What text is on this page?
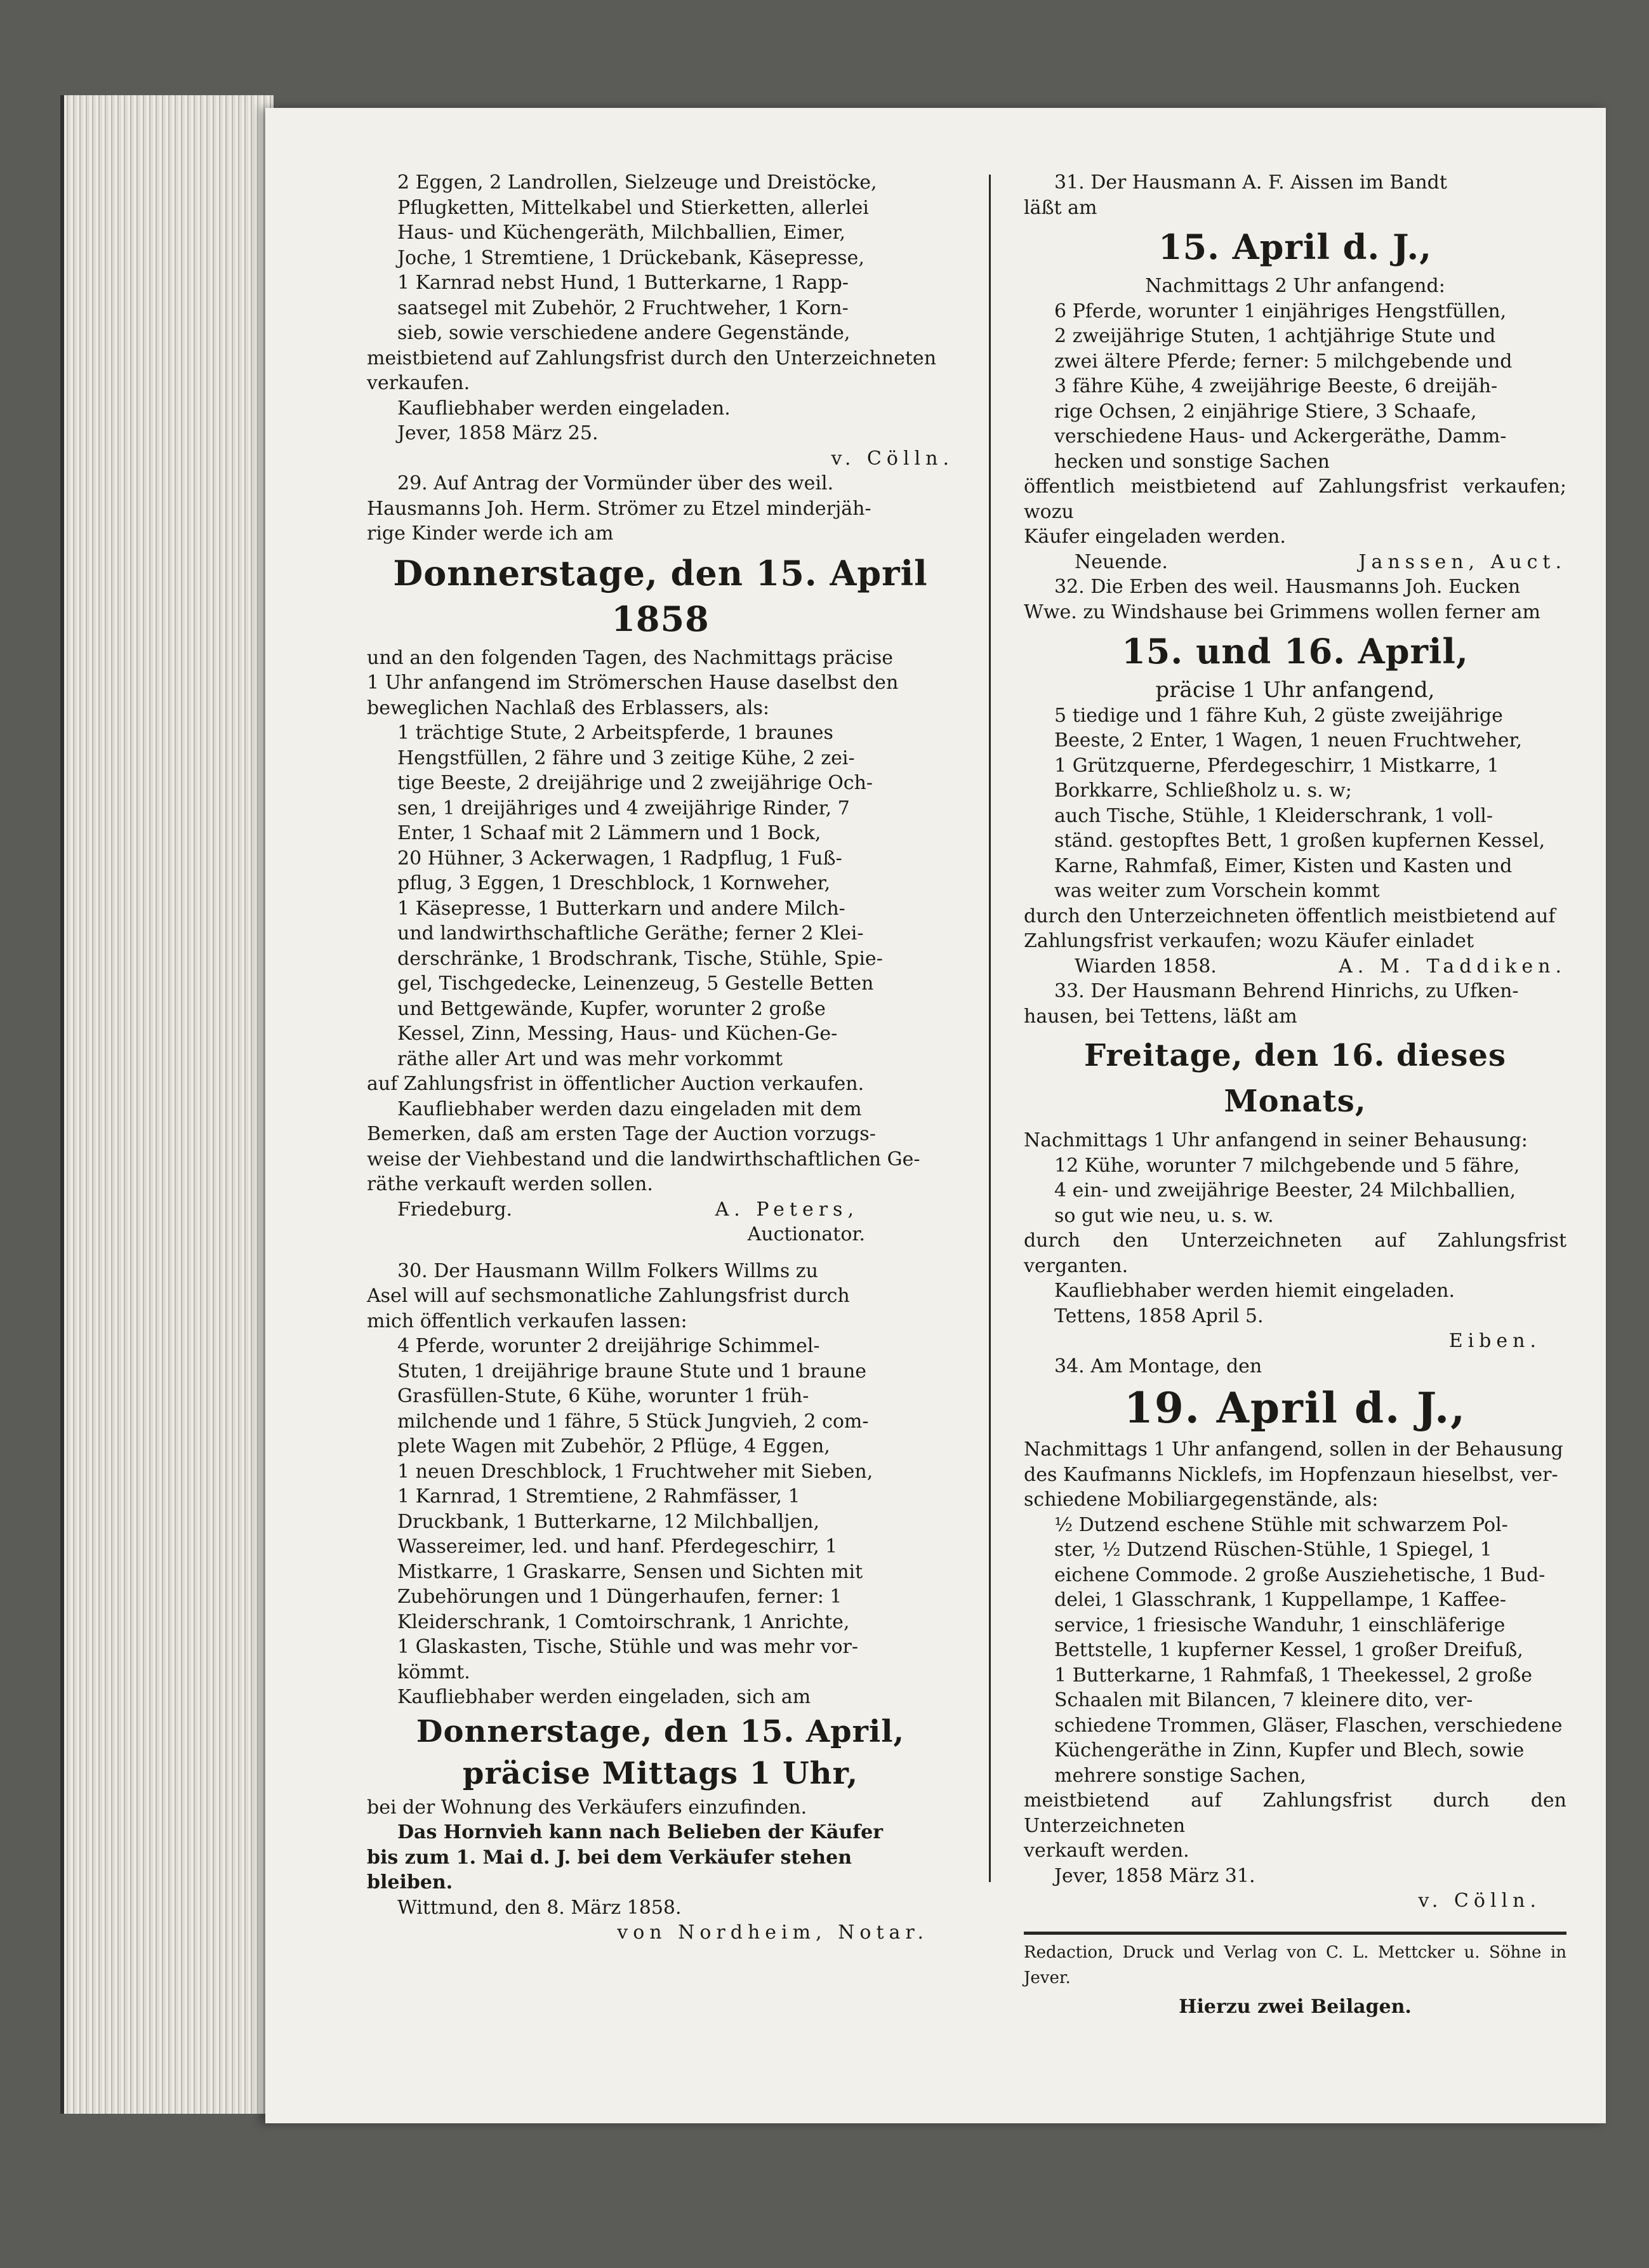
2 Eggen, 2 Landrollen, Sielzeuge und Dreistöcke,

Pflugketten, Mittelkabel und Stierketten, allerlei

Haus- und Küchengeräth, Milchballien, Eimer,

Joche, 1 Stremtiene, 1 Drückebank, Käsepresse,

1 Karnrad nebst Hund, 1 Butterkarne, 1 Rapp-

saatsegel mit Zubehör, 2 Fruchtweher, 1 Korn-

sieb, sowie verschiedene andere Gegenstände,

meistbietend auf Zahlungsfrist durch den Unterzeichneten

verkaufen.

Kaufliebhaber werden eingeladen.

Jever, 1858 März 25.

v. Cölln.

29. Auf Antrag der Vormünder über des weil.

Hausmanns Joh. Herm. Strömer zu Etzel minderjäh-

rige Kinder werde ich am

Donnerstage, den 15. April 1858

und an den folgenden Tagen, des Nachmittags präcise

1 Uhr anfangend im Strömerschen Hause daselbst den

beweglichen Nachlaß des Erblassers, als:

1 trächtige Stute, 2 Arbeitspferde, 1 braunes

Hengstfüllen, 2 fähre und 3 zeitige Kühe, 2 zei-

tige Beeste, 2 dreijährige und 2 zweijährige Och-

sen, 1 dreijähriges und 4 zweijährige Rinder, 7

Enter, 1 Schaaf mit 2 Lämmern und 1 Bock,

20 Hühner, 3 Ackerwagen, 1 Radpflug, 1 Fuß-

pflug, 3 Eggen, 1 Dreschblock, 1 Kornweher,

1 Käsepresse, 1 Butterkarn und andere Milch-

und landwirthschaftliche Geräthe; ferner 2 Klei-

derschränke, 1 Brodschrank, Tische, Stühle, Spie-

gel, Tischgedecke, Leinenzeug, 5 Gestelle Betten

und Bettgewände, Kupfer, worunter 2 große

Kessel, Zinn, Messing, Haus- und Küchen-Ge-

räthe aller Art und was mehr vorkommt

auf Zahlungsfrist in öffentlicher Auction verkaufen.

Kaufliebhaber werden dazu eingeladen mit dem

Bemerken, daß am ersten Tage der Auction vorzugs-

weise der Viehbestand und die landwirthschaftlichen Ge-

räthe verkauft werden sollen.

Friedeburg.	A. Peters,

Auctionator.

30. Der Hausmann Willm Folkers Willms zu

Asel will auf sechsmonatliche Zahlungsfrist durch

mich öffentlich verkaufen lassen:

4 Pferde, worunter 2 dreijährige Schimmel-

Stuten, 1 dreijährige braune Stute und 1 braune

Grasfüllen-Stute, 6 Kühe, worunter 1 früh-

milchende und 1 fähre, 5 Stück Jungvieh, 2 com-

plete Wagen mit Zubehör, 2 Pflüge, 4 Eggen,

1 neuen Dreschblock, 1 Fruchtweher mit Sieben,

1 Karnrad, 1 Stremtiene, 2 Rahmfässer, 1

Druckbank, 1 Butterkarne, 12 Milchballjen,

Wassereimer, led. und hanf. Pferdegeschirr, 1

Mistkarre, 1 Graskarre, Sensen und Sichten mit

Zubehörungen und 1 Düngerhaufen, ferner: 1

Kleiderschrank, 1 Comtoirschrank, 1 Anrichte,

1 Glaskasten, Tische, Stühle und was mehr vor-

kömmt.

Kaufliebhaber werden eingeladen, sich am

Donnerstage, den 15. April,

präcise Mittags 1 Uhr,

bei der Wohnung des Verkäufers einzufinden.

Das Hornvieh kann nach Belieben der Käufer

bis zum 1. Mai d. J. bei dem Verkäufer stehen

bleiben.

Wittmund, den 8. März 1858.

von Nordheim, Notar.

31. Der Hausmann A. F. Aissen im Bandt

läßt am

15. April d. J.,

Nachmittags 2 Uhr anfangend:

6 Pferde, worunter 1 einjähriges Hengstfüllen,

2 zweijährige Stuten, 1 achtjährige Stute und

zwei ältere Pferde; ferner: 5 milchgebende und

3 fähre Kühe, 4 zweijährige Beeste, 6 dreijäh-

rige Ochsen, 2 einjährige Stiere, 3 Schaafe,

verschiedene Haus- und Ackergeräthe, Damm-

hecken und sonstige Sachen

öffentlich meistbietend auf Zahlungsfrist verkaufen; wozu

Käufer eingeladen werden.

Neuende.	Janssen, Auct.

32. Die Erben des weil. Hausmanns Joh. Eucken

Wwe. zu Windshause bei Grimmens wollen ferner am

15. und 16. April,

präcise 1 Uhr anfangend,

5 tiedige und 1 fähre Kuh, 2 güste zweijährige

Beeste, 2 Enter, 1 Wagen, 1 neuen Fruchtweher,

1 Grützquerne, Pferdegeschirr, 1 Mistkarre, 1

Borkkarre, Schließholz u. s. w;

auch Tische, Stühle, 1 Kleiderschrank, 1 voll-

ständ. gestopftes Bett, 1 großen kupfernen Kessel,

Karne, Rahmfaß, Eimer, Kisten und Kasten und

was weiter zum Vorschein kommt

durch den Unterzeichneten öffentlich meistbietend auf

Zahlungsfrist verkaufen; wozu Käufer einladet

Wiarden 1858.	A. M. Taddiken.

33. Der Hausmann Behrend Hinrichs, zu Ufken-

hausen, bei Tettens, läßt am

Freitage, den 16. dieses Monats,

Nachmittags 1 Uhr anfangend in seiner Behausung:

12 Kühe, worunter 7 milchgebende und 5 fähre,

4 ein- und zweijährige Beester, 24 Milchballien,

so gut wie neu, u. s. w.

durch den Unterzeichneten auf Zahlungsfrist verganten.

Kaufliebhaber werden hiemit eingeladen.

Tettens, 1858 April 5.

Eiben.

34. Am Montage, den

19. April d. J.,

Nachmittags 1 Uhr anfangend, sollen in der Behausung

des Kaufmanns Nicklefs, im Hopfenzaun hieselbst, ver-

schiedene Mobiliargegenstände, als:

½ Dutzend eschene Stühle mit schwarzem Pol-

ster, ½ Dutzend Rüschen-Stühle, 1 Spiegel, 1

eichene Commode. 2 große Ausziehetische, 1 Bud-

delei, 1 Glasschrank, 1 Kuppellampe, 1 Kaffee-

service, 1 friesische Wanduhr, 1 einschläferige

Bettstelle, 1 kupferner Kessel, 1 großer Dreifuß,

1 Butterkarne, 1 Rahmfaß, 1 Theekessel, 2 große

Schaalen mit Bilancen, 7 kleinere dito, ver-

schiedene Trommen, Gläser, Flaschen, verschiedene

Küchengeräthe in Zinn, Kupfer und Blech, sowie

mehrere sonstige Sachen,

meistbietend auf Zahlungsfrist durch den Unterzeichneten

verkauft werden.

Jever, 1858 März 31.

v. Cölln.

Redaction, Druck und Verlag von C. L. Mettcker u. Söhne in Jever.

Hierzu zwei Beilagen.
